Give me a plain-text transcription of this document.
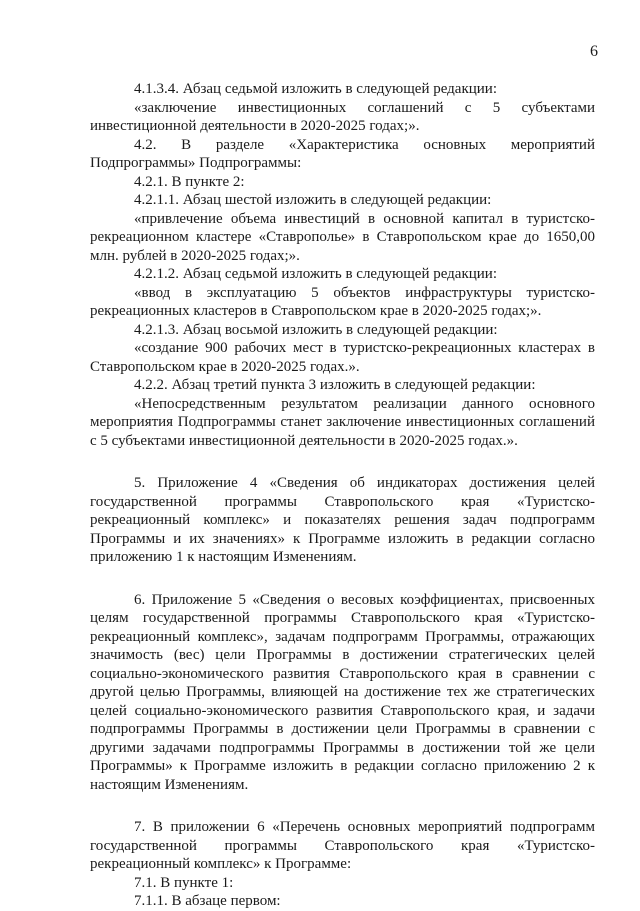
6

4.1.3.4. Абзац седьмой изложить в следующей редакции:

«заключение инвестиционных соглашений с 5 субъектами инвестиционной деятельности в 2020-2025 годах;».

4.2. В разделе «Характеристика основных мероприятий Подпрограммы» Подпрограммы:

4.2.1. В пункте 2:

4.2.1.1. Абзац шестой изложить в следующей редакции:

«привлечение объема инвестиций в основной капитал в туристско-рекреационном кластере «Ставрополье» в Ставропольском крае до 1650,00 млн. рублей в 2020-2025 годах;».

4.2.1.2. Абзац седьмой изложить в следующей редакции:

«ввод в эксплуатацию 5 объектов инфраструктуры туристско-рекреационных кластеров в Ставропольском крае в 2020-2025 годах;».

4.2.1.3. Абзац восьмой изложить в следующей редакции:

«создание 900 рабочих мест в туристско-рекреационных кластерах в Ставропольском крае в 2020-2025 годах.».

4.2.2. Абзац третий пункта 3 изложить в следующей редакции:

«Непосредственным результатом реализации данного основного мероприятия Подпрограммы станет заключение инвестиционных соглашений с 5 субъектами инвестиционной деятельности в 2020-2025 годах.».

5. Приложение 4 «Сведения об индикаторах достижения целей государственной программы Ставропольского края «Туристско-рекреационный комплекс» и показателях решения задач подпрограмм Программы и их значениях» к Программе изложить в редакции согласно приложению 1 к настоящим Изменениям.

6. Приложение 5 «Сведения о весовых коэффициентах, присвоенных целям государственной программы Ставропольского края «Туристско-рекреационный комплекс», задачам подпрограмм Программы, отражающих значимость (вес) цели Программы в достижении стратегических целей социально-экономического развития Ставропольского края в сравнении с другой целью Программы, влияющей на достижение тех же стратегических целей социально-экономического развития Ставропольского края, и задачи подпрограммы Программы в достижении цели Программы в сравнении с другими задачами подпрограммы Программы в достижении той же цели Программы» к Программе изложить в редакции согласно приложению 2 к настоящим Изменениям.

7. В приложении 6 «Перечень основных мероприятий подпрограмм государственной программы Ставропольского края «Туристско-рекреационный комплекс» к Программе:

7.1. В пункте 1:

7.1.1. В абзаце первом:
